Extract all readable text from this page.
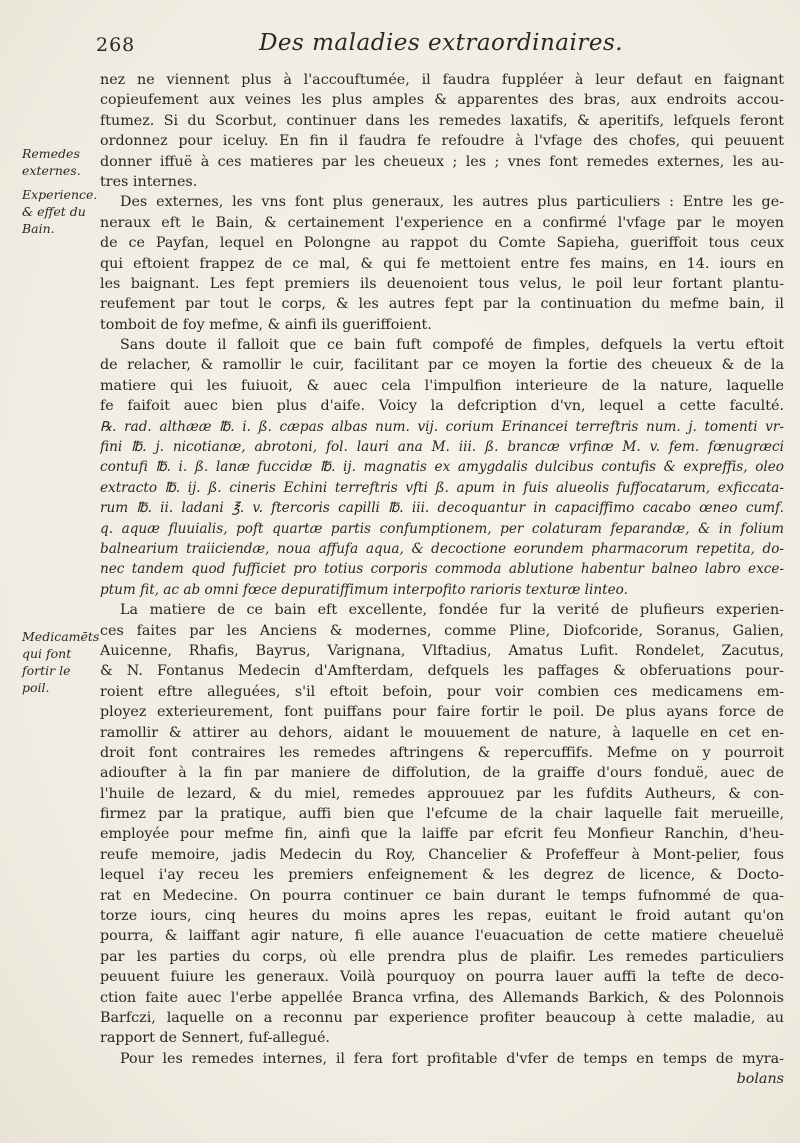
268	Des maladies extraordinaires.
Remedes
externes.
Experience.
& effet du
Bain.
Medicamēts
qui font
fortir le
poil.
nez ne viennent plus à l'accouftumée, il faudra fuppléer à leur defaut en faignant
copieufement aux veines les plus amples & apparentes des bras, aux endroits accou-
ftumez. Si du Scorbut, continuer dans les remedes laxatifs, & aperitifs, lefquels feront
ordonnez pour iceluy. En fin il faudra fe refoudre à l'vfage des chofes, qui peuuent
donner iffuë à ces matieres par les cheueux ; les ; vnes font remedes externes, les au-
tres internes.
Des externes, les vns font plus generaux, les autres plus particuliers : Entre les ge-
neraux eft le Bain, & certainement l'experience en a confirmé l'vfage par le moyen
de ce Payfan, lequel en Polongne au rappot du Comte Sapieha, gueriffoit tous ceux
qui eftoient frappez de ce mal, & qui fe mettoient entre fes mains, en 14. iours en
les baignant. Les fept premiers ils deuenoient tous velus, le poil leur fortant plantu-
reufement par tout le corps, & les autres fept par la continuation du mefme bain, il
tomboit de foy mefme, & ainfi ils gueriffoient.
Sans doute il falloit que ce bain fuft compofé de fimples, defquels la vertu eftoit
de relacher, & ramollir le cuir, facilitant par ce moyen la fortie des cheueux & de la
matiere qui les fuiuoit, & auec cela l'impulfion interieure de la nature, laquelle
fe faifoit auec bien plus d'aife. Voicy la defcription d'vn, lequel a cette faculté.
℞. rad. althææ ℔. i. ß. cæpas albas num. vij. corium Erinancei terreftris num. j. tomenti vr-
fini ℔. j. nicotianæ, abrotoni, fol. lauri ana M. iii. ß. brancæ vrfinæ M. v. fem. fœnugræci
contufi ℔. i. ß. lanæ fuccidæ ℔. ij. magnatis ex amygdalis dulcibus contufis & expreffis, oleo
extracto ℔. ij. ß. cineris Echini terreftris vfti ß. apum in fuis alueolis fuffocatarum, exficcata-
rum ℔. ii. ladani ℥. v. ftercoris capilli ℔. iii. decoquantur in capaciffimo cacabo œneo cumf.
q. aquæ fluuialis, poft quartæ partis confumptionem, per colaturam feparandæ, & in folium
balnearium traiiciendæ, noua affufa aqua, & decoctione eorundem pharmacorum repetita, do-
nec tandem quod fufficiet pro totius corporis commoda ablutione habentur balneo labro exce-
ptum fit, ac ab omni fœce depuratiffimum interpofito rarioris texturæ linteo.
La matiere de ce bain eft excellente, fondée fur la verité de plufieurs experien-
ces faites par les Anciens & modernes, comme Pline, Diofcoride, Soranus, Galien,
Auicenne, Rhafis, Bayrus, Varignana, Vlftadius, Amatus Lufit. Rondelet, Zacutus,
& N. Fontanus Medecin d'Amfterdam, defquels les paffages & obferuations pour-
roient eftre alleguées, s'il eftoit befoin, pour voir combien ces medicamens em-
ployez exterieurement, font puiffans pour faire fortir le poil. De plus ayans force de
ramollir & attirer au dehors, aidant le mouuement de nature, à laquelle en cet en-
droit font contraires les remedes aftringens & repercuffifs. Mefme on y pourroit
adioufter à la fin par maniere de diffolution, de la graiffe d'ours fonduë, auec de
l'huile de lezard, & du miel, remedes approuuez par les fufdits Autheurs, & con-
firmez par la pratique, auffi bien que l'efcume de la chair laquelle fait merueille,
employée pour mefme fin, ainfi que la laiffe par efcrit feu Monfieur Ranchin, d'heu-
reufe memoire, jadis Medecin du Roy, Chancelier & Profeffeur à Mont-pelier, fous
lequel i'ay receu les premiers enfeignement & les degrez de licence, & Docto-
rat en Medecine. On pourra continuer ce bain durant le temps fufnommé de qua-
torze iours, cinq heures du moins apres les repas, euitant le froid autant qu'on
pourra, & laiffant agir nature, fi elle auance l'euacuation de cette matiere cheueluë
par les parties du corps, où elle prendra plus de plaifir. Les remedes particuliers
peuuent fuiure les generaux. Voilà pourquoy on pourra lauer auffi la tefte de deco-
ction faite auec l'erbe appellée Branca vrfina, des Allemands Barkich, & des Polonnois
Barfczi, laquelle on a reconnu par experience profiter beaucoup à cette maladie, au
rapport de Sennert, fuf-allegué.
Pour les remedes internes, il fera fort profitable d'vfer de temps en temps de myra-
bolans
